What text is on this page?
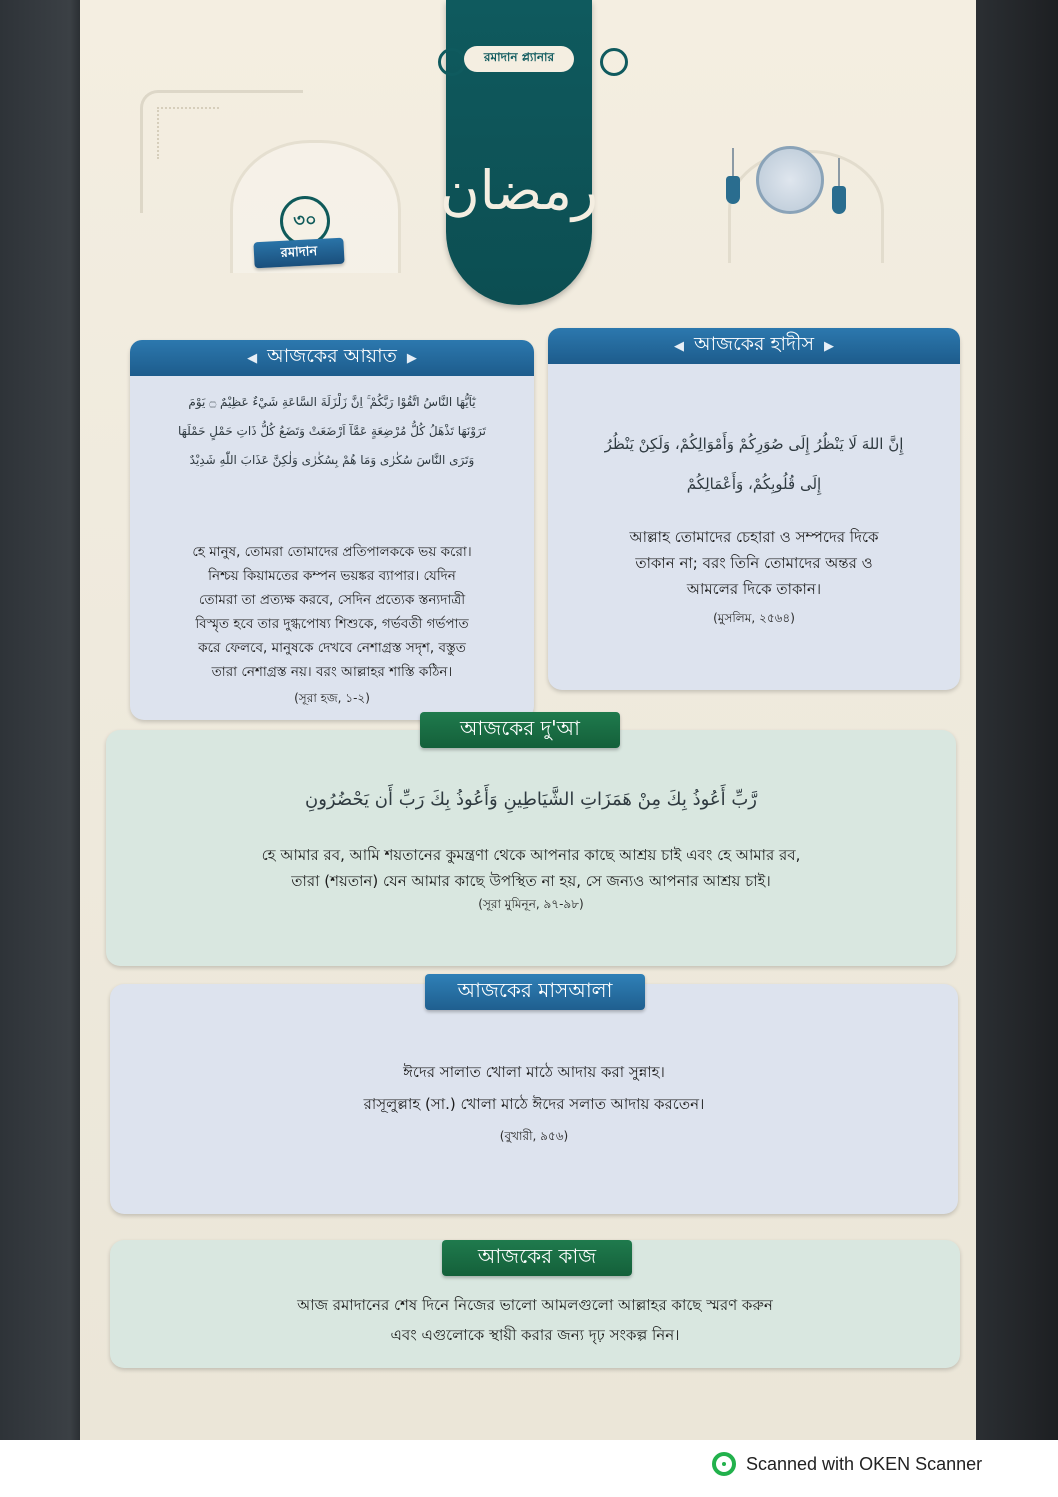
৩০
রমাদান
রমাদান প্ল্যানার
رمضان
◀ আজকের আয়াত ▶
يٰٓاَيُّهَا النَّاسُ اتَّقُوْا رَبَّكُمْ ۚ اِنَّ زَلْزَلَةَ السَّاعَةِ شَيْءٌ عَظِيْمٌ ۝ يَوْمَ
تَرَوْنَهَا تَذْهَلُ كُلُّ مُرْضِعَةٍ عَمَّآ اَرْضَعَتْ وَتَضَعُ كُلُّ ذَاتِ حَمْلٍ حَمْلَهَا
وَتَرَى النَّاسَ سُكٰرٰى وَمَا هُمْ بِسُكٰرٰى وَلٰكِنَّ عَذَابَ اللّٰهِ شَدِيْدٌ
হে মানুষ, তোমরা তোমাদের প্রতিপালককে ভয় করো।
নিশ্চয় কিয়ামতের কম্পন ভয়ঙ্কর ব্যাপার। যেদিন
তোমরা তা প্রত্যক্ষ করবে, সেদিন প্রত্যেক স্তন্যদাত্রী
বিস্মৃত হবে তার দুগ্ধপোষ্য শিশুকে, গর্ভবতী গর্ভপাত
করে ফেলবে, মানুষকে দেখবে নেশাগ্রস্ত সদৃশ, বস্তুত
তারা নেশাগ্রস্ত নয়। বরং আল্লাহর শাস্তি কঠিন।
(সূরা হজ, ১-২)
◀ আজকের হাদীস ▶
إِنَّ اللهَ لَا يَنْظُرُ إِلَى صُوَرِكُمْ وَأَمْوَالِكُمْ، وَلَكِنْ يَنْظُرُ
إِلَى قُلُوبِكُمْ، وَأَعْمَالِكُمْ
আল্লাহ তোমাদের চেহারা ও সম্পদের দিকে
তাকান না; বরং তিনি তোমাদের অন্তর ও
আমলের দিকে তাকান।
(মুসলিম, ২৫৬৪)
رَّبِّ أَعُوذُ بِكَ مِنْ هَمَزَاتِ الشَّيَاطِينِ وَأَعُوذُ بِكَ رَبِّ أَن يَحْضُرُونِ
হে আমার রব, আমি শয়তানের কুমন্ত্রণা থেকে আপনার কাছে আশ্রয় চাই এবং হে আমার রব,
তারা (শয়তান) যেন আমার কাছে উপস্থিত না হয়, সে জন্যও আপনার আশ্রয় চাই।
(সূরা মুমিনূন, ৯৭-৯৮)
আজকের দু'আ
ঈদের সালাত খোলা মাঠে আদায় করা সুন্নাহ।
রাসূলুল্লাহ (সা.) খোলা মাঠে ঈদের সলাত আদায় করতেন।
(বুখারী, ৯৫৬)
আজকের মাসআলা
আজ রমাদানের শেষ দিনে নিজের ভালো আমলগুলো আল্লাহর কাছে স্মরণ করুন
এবং এগুলোকে স্থায়ী করার জন্য দৃঢ় সংকল্প নিন।
আজকের কাজ
Scanned with OKEN Scanner
